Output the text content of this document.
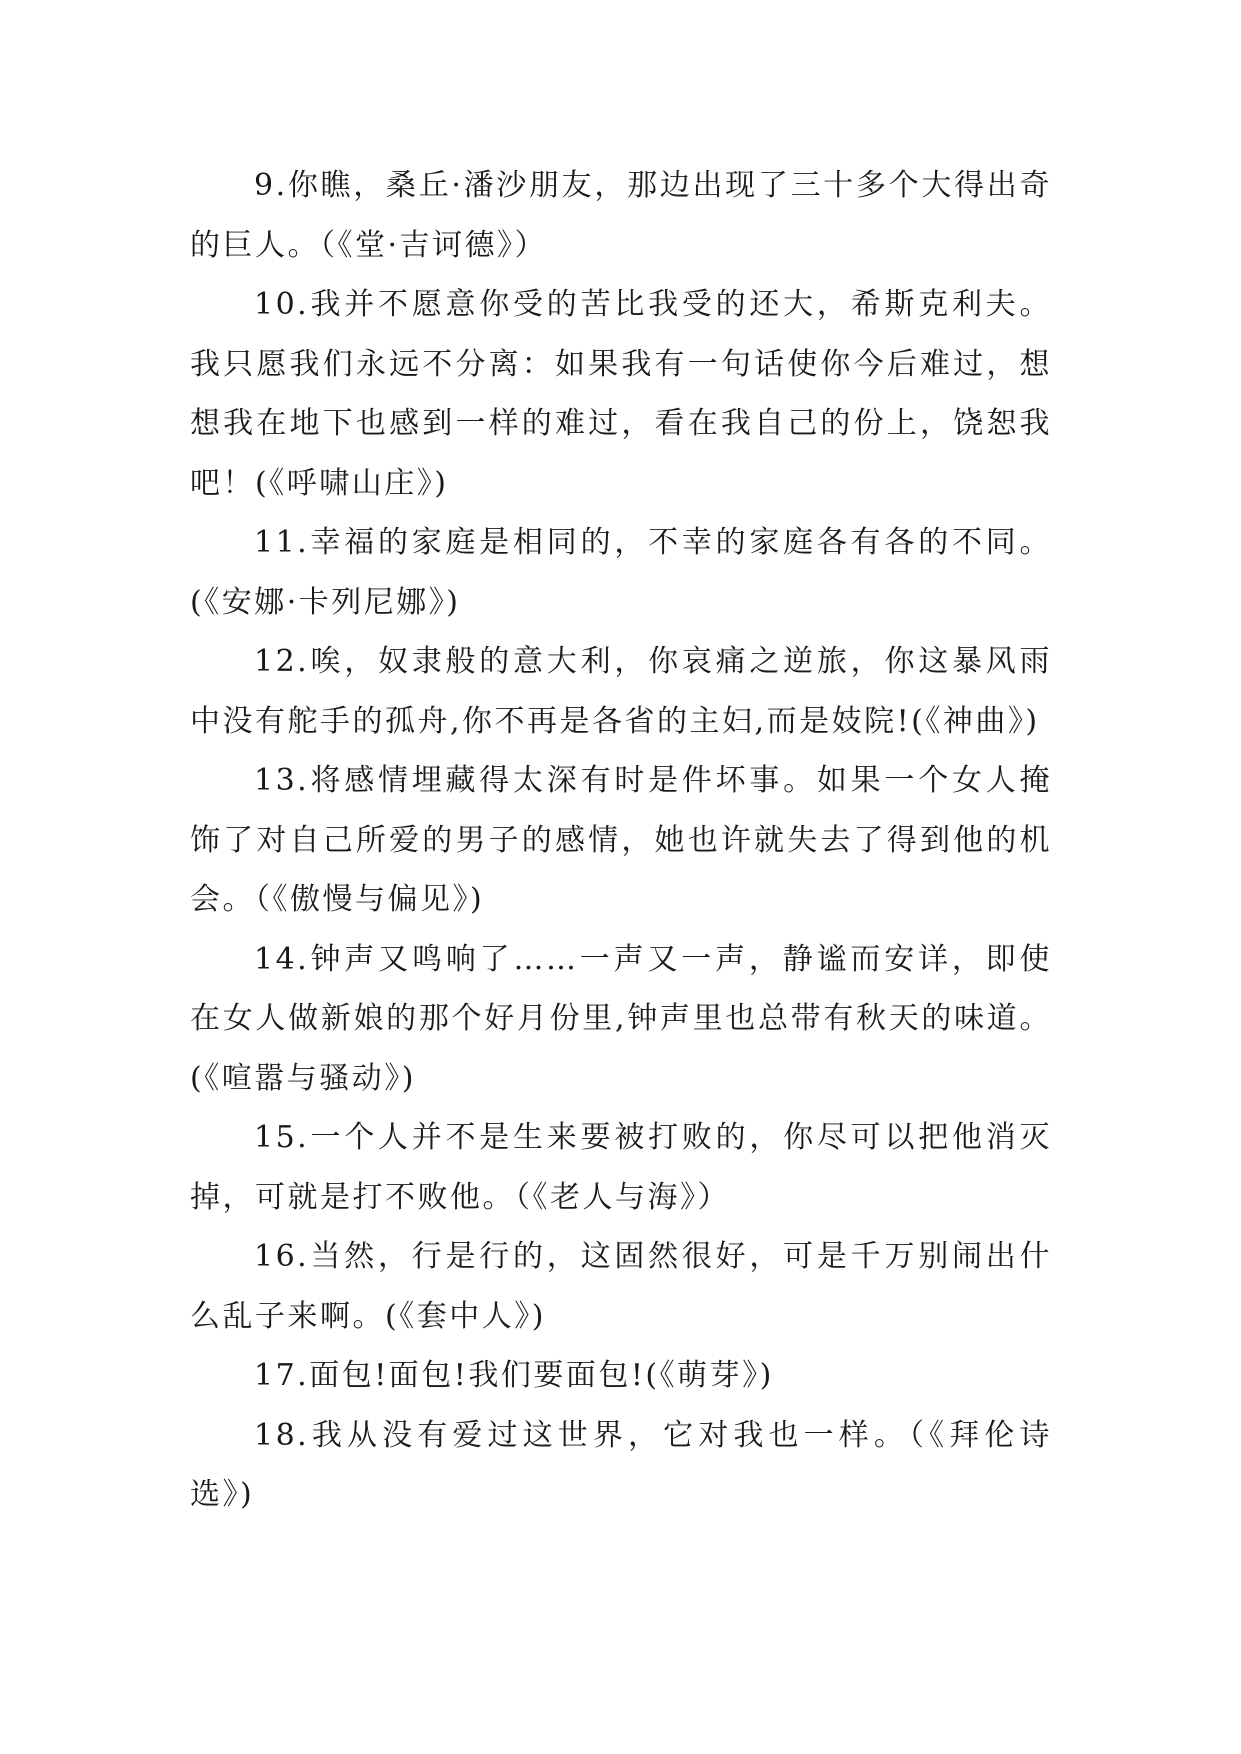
9.你瞧，桑丘·潘沙朋友，那边出现了三十多个大得出奇的巨人。（《堂·吉诃德》）

10.我并不愿意你受的苦比我受的还大，希斯克利夫。我只愿我们永远不分离：如果我有一句话使你今后难过，想想我在地下也感到一样的难过，看在我自己的份上，饶恕我吧！(《呼啸山庄》)

11.幸福的家庭是相同的，不幸的家庭各有各的不同。(《安娜·卡列尼娜》)

12.唉，奴隶般的意大利，你哀痛之逆旅，你这暴风雨中没有舵手的孤舟,你不再是各省的主妇,而是妓院!(《神曲》)

13.将感情埋藏得太深有时是件坏事。如果一个女人掩饰了对自己所爱的男子的感情，她也许就失去了得到他的机会。（《傲慢与偏见》)

14.钟声又鸣响了……一声又一声，静谧而安详，即使在女人做新娘的那个好月份里,钟声里也总带有秋天的味道。(《喧嚣与骚动》)

15.一个人并不是生来要被打败的，你尽可以把他消灭掉，可就是打不败他。（《老人与海》）

16.当然，行是行的，这固然很好，可是千万别闹出什么乱子来啊。(《套中人》)

17.面包!面包!我们要面包!(《萌芽》)

18.我从没有爱过这世界，它对我也一样。（《拜伦诗选》)
